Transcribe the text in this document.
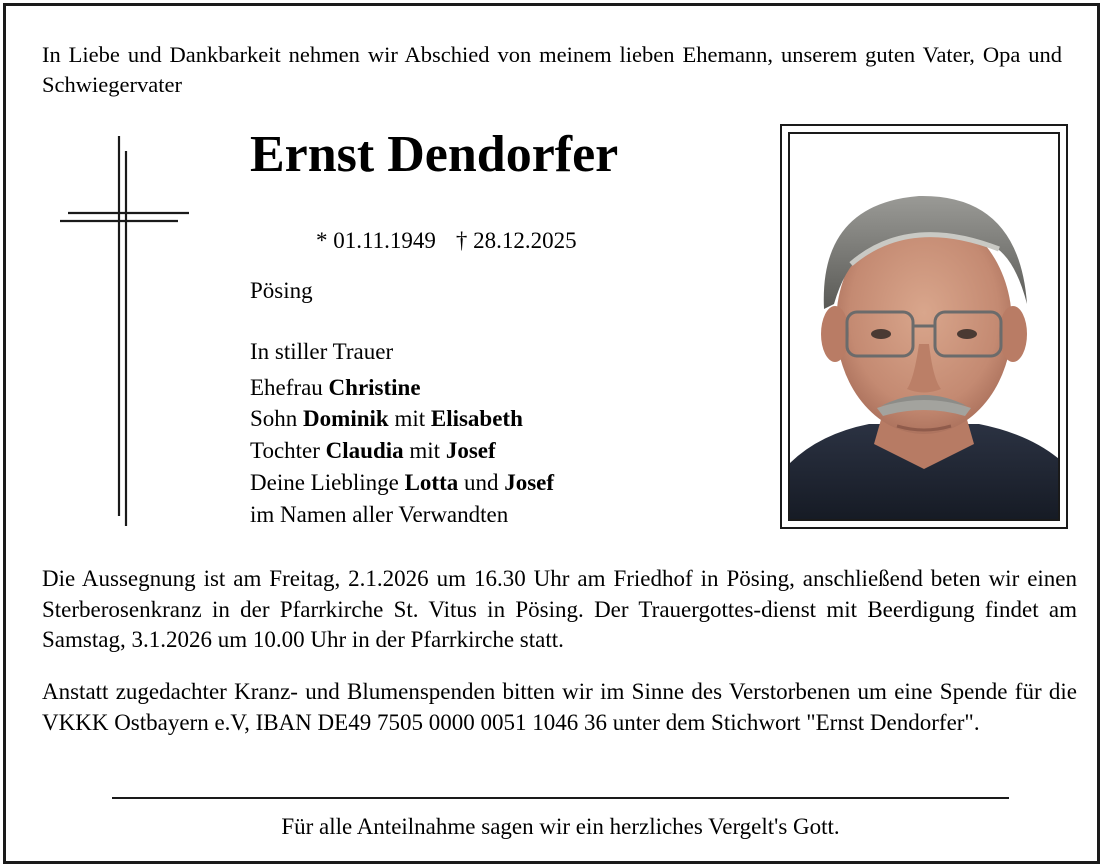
In Liebe und Dankbarkeit nehmen wir Abschied von meinem lieben Ehemann, unserem guten Vater, Opa und Schwiegervater
Ernst Dendorfer
* 01.11.1949 † 28.12.2025
Pösing
In stiller Trauer
Ehefrau Christine
Sohn Dominik mit Elisabeth
Tochter Claudia mit Josef
Deine Lieblinge Lotta und Josef
im Namen aller Verwandten
Die Aussegnung ist am Freitag, 2.1.2026 um 16.30 Uhr am Friedhof in Pösing, anschließend beten wir einen Sterberosenkranz in der Pfarrkirche St. Vitus in Pösing. Der Trauergottes-dienst mit Beerdigung findet am Samstag, 3.1.2026 um 10.00 Uhr in der Pfarrkirche statt.
Anstatt zugedachter Kranz- und Blumenspenden bitten wir im Sinne des Verstorbenen um eine Spende für die VKKK Ostbayern e.V, IBAN DE49 7505 0000 0051 1046 36 unter dem Stichwort "Ernst Dendorfer".
Für alle Anteilnahme sagen wir ein herzliches Vergelt's Gott.
